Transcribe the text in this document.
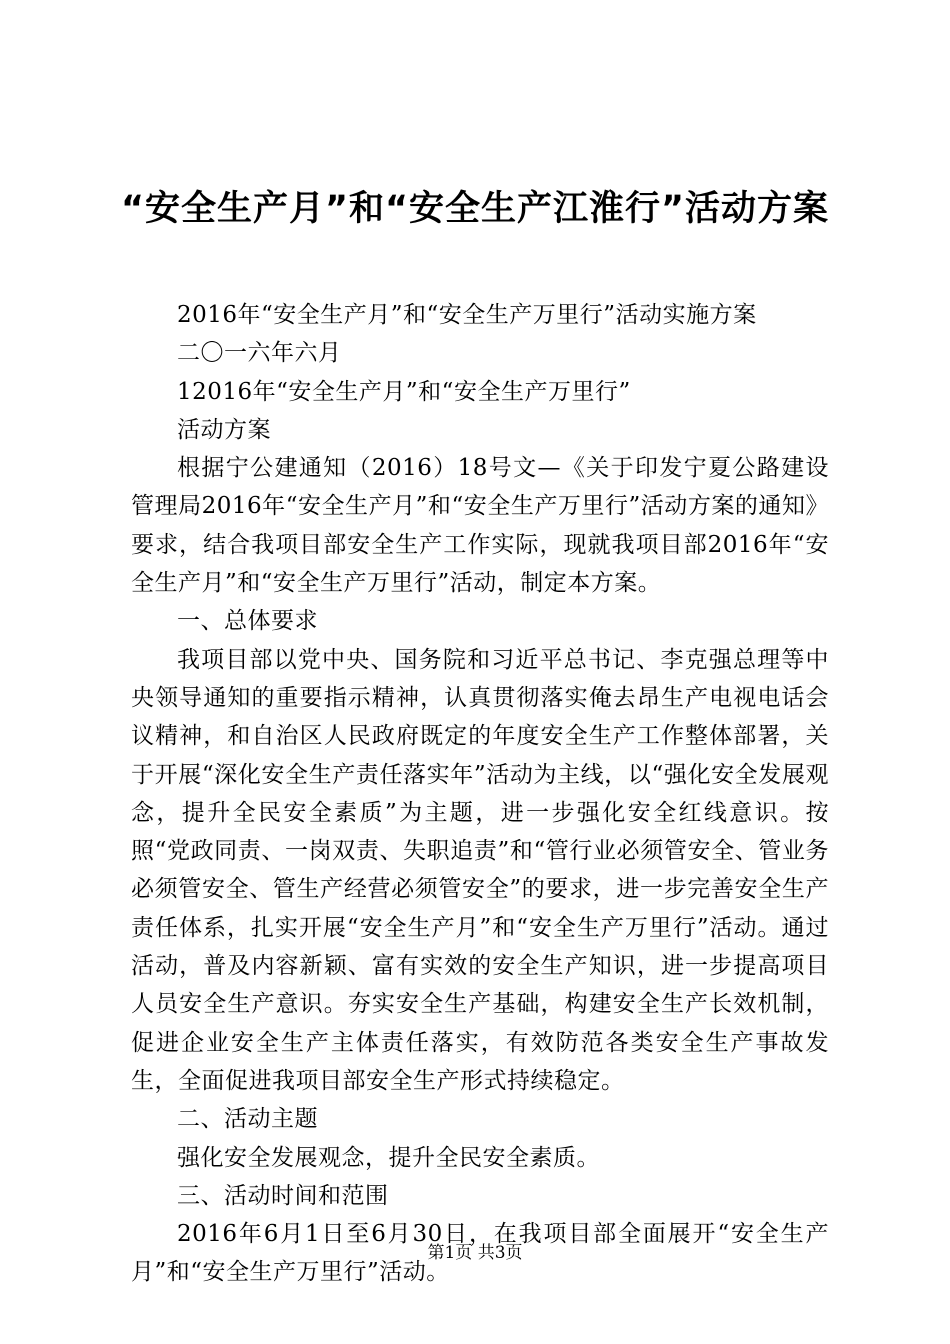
“安全生产月”和“安全生产江淮行”活动方案

2016年“安全生产月”和“安全生产万里行”活动实施方案

二〇一六年六月

12016年“安全生产月”和“安全生产万里行”

活动方案

根据宁公建通知（2016）18号文—《关于印发宁夏公路建设管理局2016年“安全生产月”和“安全生产万里行”活动方案的通知》要求，结合我项目部安全生产工作实际，现就我项目部2016年“安全生产月”和“安全生产万里行”活动，制定本方案。

一、总体要求

我项目部以党中央、国务院和习近平总书记、李克强总理等中央领导通知的重要指示精神，认真贯彻落实俺去昂生产电视电话会议精神，和自治区人民政府既定的年度安全生产工作整体部署，关于开展“深化安全生产责任落实年”活动为主线，以“强化安全发展观念，提升全民安全素质”为主题，进一步强化安全红线意识。按照“党政同责、一岗双责、失职追责”和“管行业必须管安全、管业务必须管安全、管生产经营必须管安全”的要求，进一步完善安全生产责任体系，扎实开展“安全生产月”和“安全生产万里行”活动。通过活动，普及内容新颖、富有实效的安全生产知识，进一步提高项目人员安全生产意识。夯实安全生产基础，构建安全生产长效机制，促进企业安全生产主体责任落实，有效防范各类安全生产事故发生，全面促进我项目部安全生产形式持续稳定。

二、活动主题

强化安全发展观念，提升全民安全素质。

三、活动时间和范围

2016年6月1日至6月30日，在我项目部全面展开“安全生产月”和“安全生产万里行”活动。

第1页 共3页
